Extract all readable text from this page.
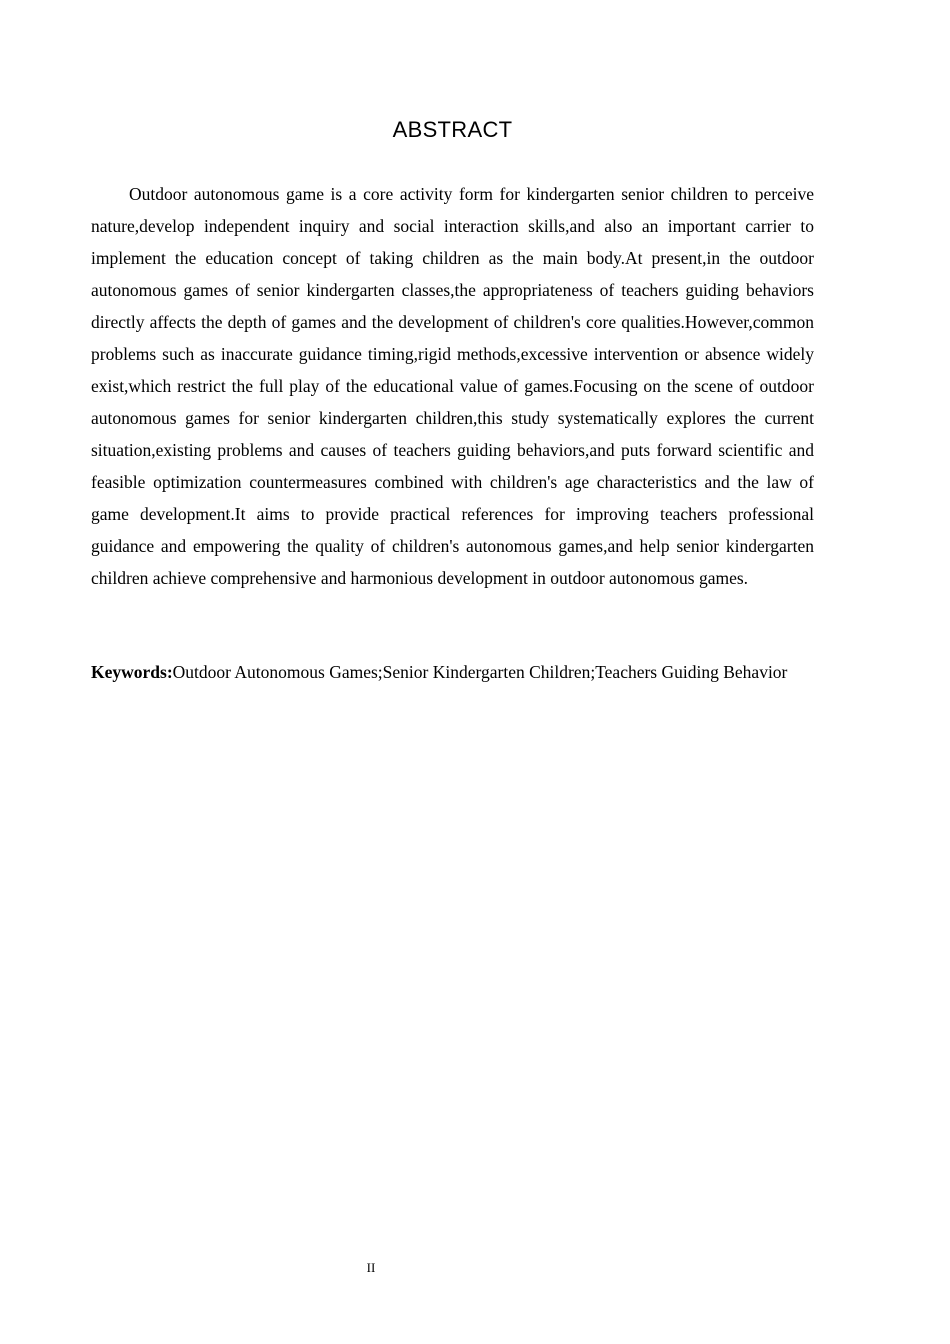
ABSTRACT

Outdoor autonomous game is a core activity form for kindergarten senior children to perceive nature,develop independent inquiry and social interaction skills,and also an important carrier to implement the education concept of taking children as the main body.At present,in the outdoor autonomous games of senior kindergarten classes,the appropriateness of teachers guiding behaviors directly affects the depth of games and the development of children's core qualities.However,common problems such as inaccurate guidance timing,rigid methods,excessive intervention or absence widely exist,which restrict the full play of the educational value of games.Focusing on the scene of outdoor autonomous games for senior kindergarten children,this study systematically explores the current situation,existing problems and causes of teachers guiding behaviors,and puts forward scientific and feasible optimization countermeasures combined with children's age characteristics and the law of game development.It aims to provide practical references for improving teachers professional guidance and empowering the quality of children's autonomous games,and help senior kindergarten children achieve comprehensive and harmonious development in outdoor autonomous games.

Keywords:Outdoor Autonomous Games;Senior Kindergarten Children;Teachers Guiding Behavior

II
